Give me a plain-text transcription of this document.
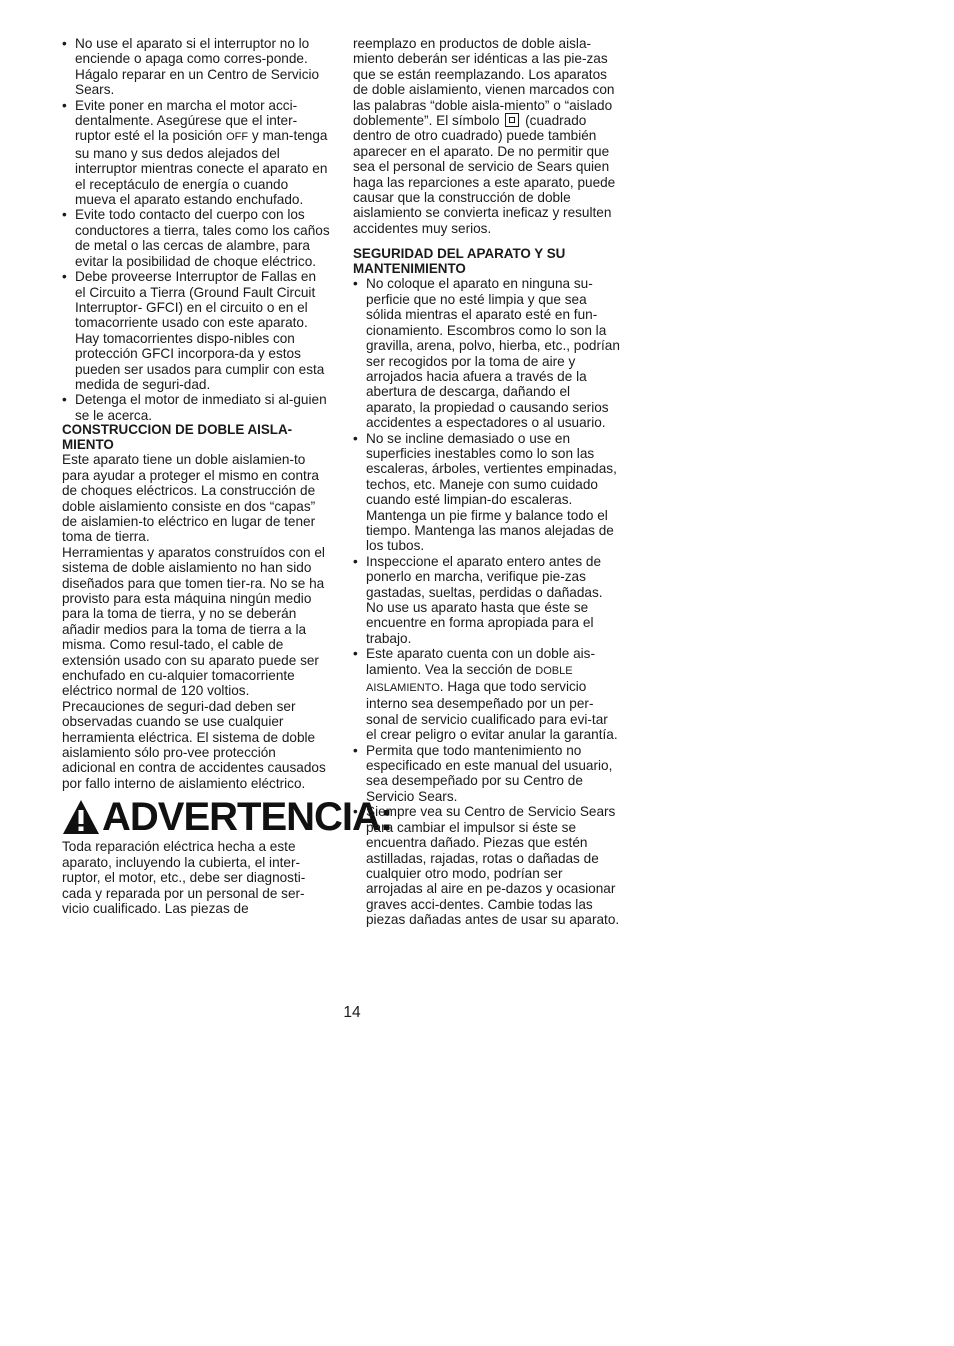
• No use el aparato si el interruptor no lo enciende o apaga como corres-ponde. Hágalo reparar en un Centro de Servicio Sears.
• Evite poner en marcha el motor acci-dentalmente. Asegúrese que el inter-ruptor esté el la posición OFF y man-tenga su mano y sus dedos alejados del interruptor mientras conecte el aparato en el receptáculo de energía o cuando mueva el aparato estando enchufado.
• Evite todo contacto del cuerpo con los conductores a tierra, tales como los caños de metal o las cercas de alambre, para evitar la posibilidad de choque eléctrico.
• Debe proveerse Interruptor de Fallas en el Circuito a Tierra (Ground Fault Circuit Interruptor- GFCI) en el circuito o en el tomacorriente usado con este aparato. Hay tomacorrientes dispo-nibles con protección GFCI incorpora-da y estos pueden ser usados para cumplir con esta medida de seguri-dad.
• Detenga el motor de inmediato si al-guien se le acerca.
CONSTRUCCION DE DOBLE AISLA-MIENTO

Este aparato tiene un doble aislamien-to para ayudar a proteger el mismo en contra de choques eléctricos. La construcción de doble aislamiento consiste en dos “capas” de aislamien-to eléctrico en lugar de tener toma de tierra.

Herramientas y aparatos construídos con el sistema de doble aislamiento no han sido diseñados para que tomen tier-ra. No se ha provisto para esta máquina ningún medio para la toma de tierra, y no se deberán añadir medios para la toma de tierra a la misma. Como resul-tado, el cable de extensión usado con su aparato puede ser enchufado en cu-alquier tomacorriente eléctrico normal de 120 voltios. Precauciones de seguri-dad deben ser observadas cuando se use cualquier herramienta eléctrica. El sistema de doble aislamiento sólo pro-vee protección adicional en contra de accidentes causados por fallo interno de aislamiento eléctrico.

ADVERTENCIA:

Toda reparación eléctrica hecha a este aparato, incluyendo la cubierta, el inter-ruptor, el motor, etc., debe ser diagnosti-cada y reparada por un personal de ser-vicio cualificado. Las piezas de

reemplazo en productos de doble aisla-miento deberán ser idénticas a las pie-zas que se están reemplazando. Los aparatos de doble aislamiento, vienen marcados con las palabras “doble aisla-miento” o “aislado doblemente”. El símbolo (cuadrado dentro de otro cuadrado) puede también aparecer en el aparato. De no permitir que sea el personal de servicio de Sears quien haga las reparciones a este aparato, puede causar que la construcción de doble aislamiento se convierta ineficaz y resulten accidentes muy serios.

SEGURIDAD DEL APARATO Y SU MANTENIMIENTO
• No coloque el aparato en ninguna su-perficie que no esté limpia y que sea sólida mientras el aparato esté en fun-cionamiento. Escombros como lo son la gravilla, arena, polvo, hierba, etc., podrían ser recogidos por la toma de aire y arrojados hacia afuera a través de la abertura de descarga, dañando el aparato, la propiedad o causando serios accidentes a espectadores o al usuario.
• No se incline demasiado o use en superficies inestables como lo son las escaleras, árboles, vertientes empinadas, techos, etc. Maneje con sumo cuidado cuando esté limpian-do escaleras. Mantenga un pie firme y balance todo el tiempo. Mantenga las manos alejadas de los tubos.
• Inspeccione el aparato entero antes de ponerlo en marcha, verifique pie-zas gastadas, sueltas, perdidas o dañadas. No use us aparato hasta que éste se encuentre en forma apropiada para el trabajo.
• Este aparato cuenta con un doble ais-lamiento. Vea la sección de DOBLE AISLAMIENTO. Haga que todo servicio interno sea desempeñado por un per-sonal de servicio cualificado para evi-tar el crear peligro o evitar anular la garantía.
• Permita que todo mantenimiento no especificado en este manual del usuario, sea desempeñado por su Centro de Servicio Sears.
• Siempre vea su Centro de Servicio Sears para cambiar el impulsor si éste se encuentra dañado. Piezas que estén astilladas, rajadas, rotas o dañadas de cualquier otro modo, podrían ser arrojadas al aire en pe-dazos y ocasionar graves acci-dentes. Cambie todas las piezas dañadas antes de usar su aparato.
14
